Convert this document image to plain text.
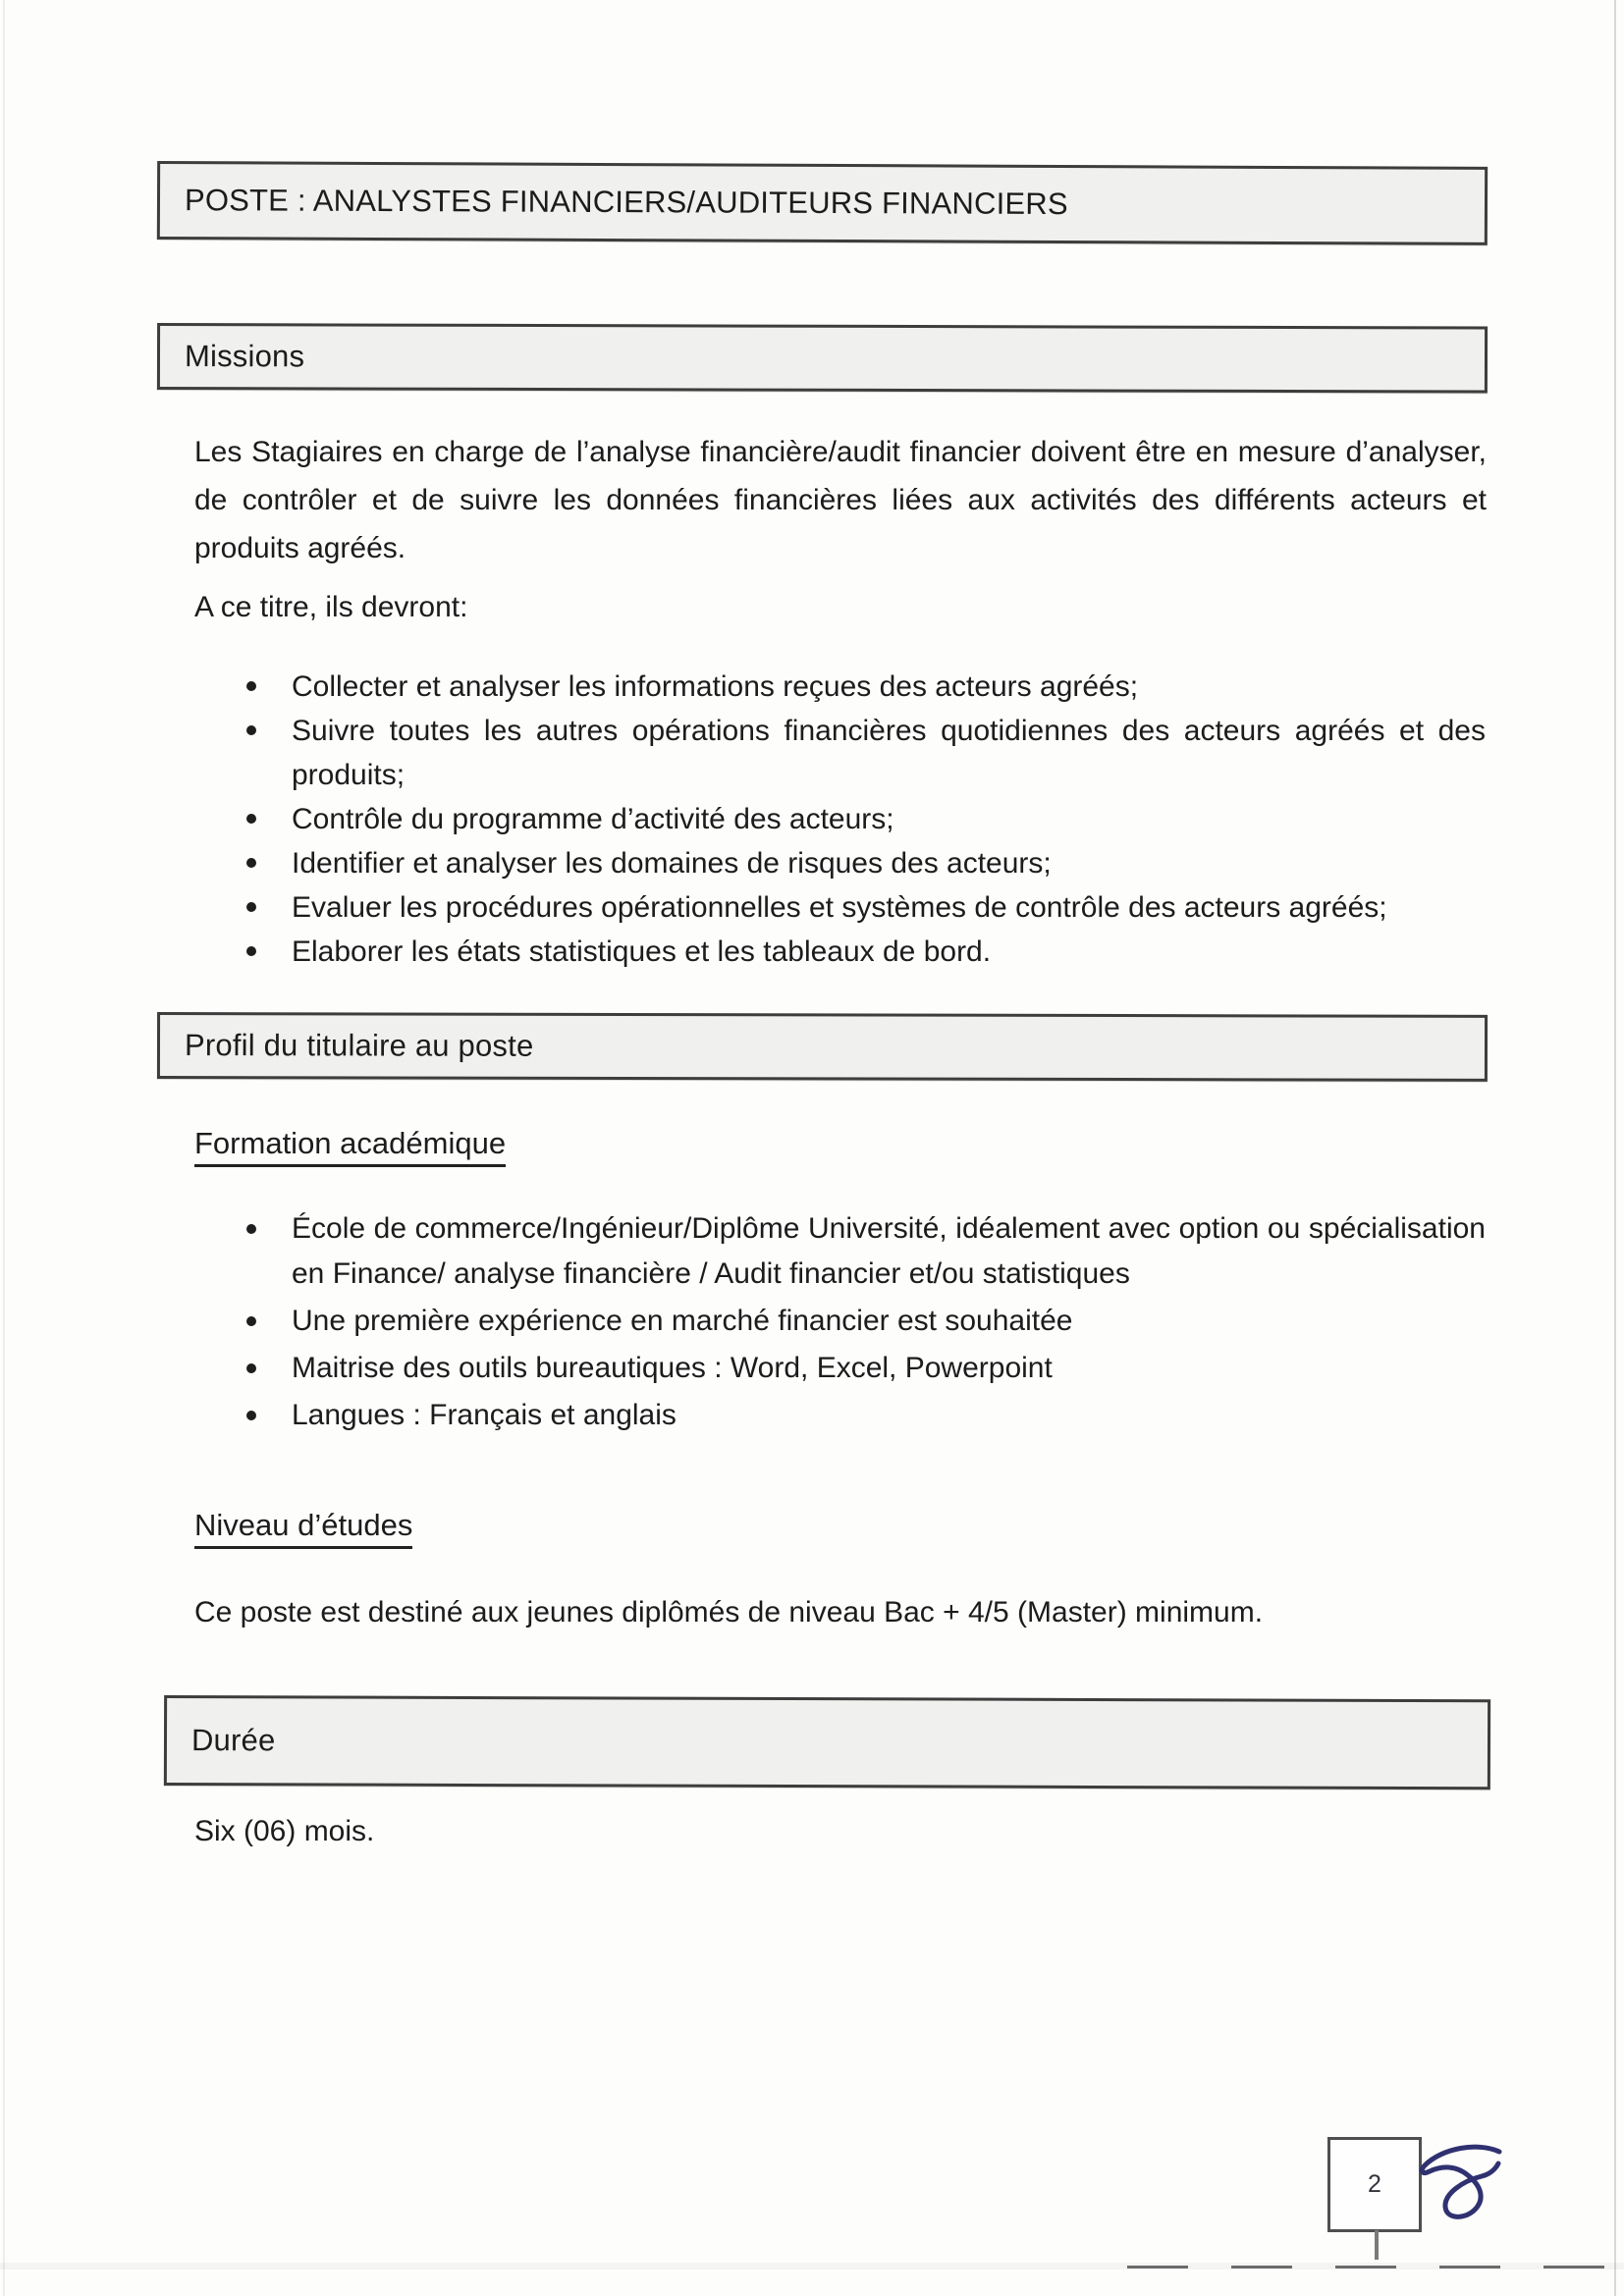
POSTE : ANALYSTES FINANCIERS/AUDITEURS FINANCIERS
Missions

Les Stagiaires en charge de l’analyse financière/audit financier doivent être en mesure d’analyser, de contrôler et de suivre les données financières liées aux activités des différents acteurs et produits agréés.

A ce titre, ils devront:

Collecter et analyser les informations reçues des acteurs agréés;
Suivre toutes les autres opérations financières quotidiennes des acteurs agréés et des produits;
Contrôle du programme d’activité des acteurs;
Identifier et analyser les domaines de risques des acteurs;
Evaluer les procédures opérationnelles et systèmes de contrôle des acteurs agréés;
Elaborer les états statistiques et les tableaux de bord.
Profil du titulaire au poste

Formation académique

École de commerce/Ingénieur/Diplôme Université, idéalement avec option ou spécialisation en Finance/ analyse financière / Audit financier et/ou statistiques
Une première expérience en marché financier est souhaitée
Maitrise des outils bureautiques : Word, Excel, Powerpoint
Langues : Français et anglais

Niveau d’études

Ce poste est destiné aux jeunes diplômés de niveau Bac + 4/5 (Master) minimum.

Durée

Six (06) mois.

2
